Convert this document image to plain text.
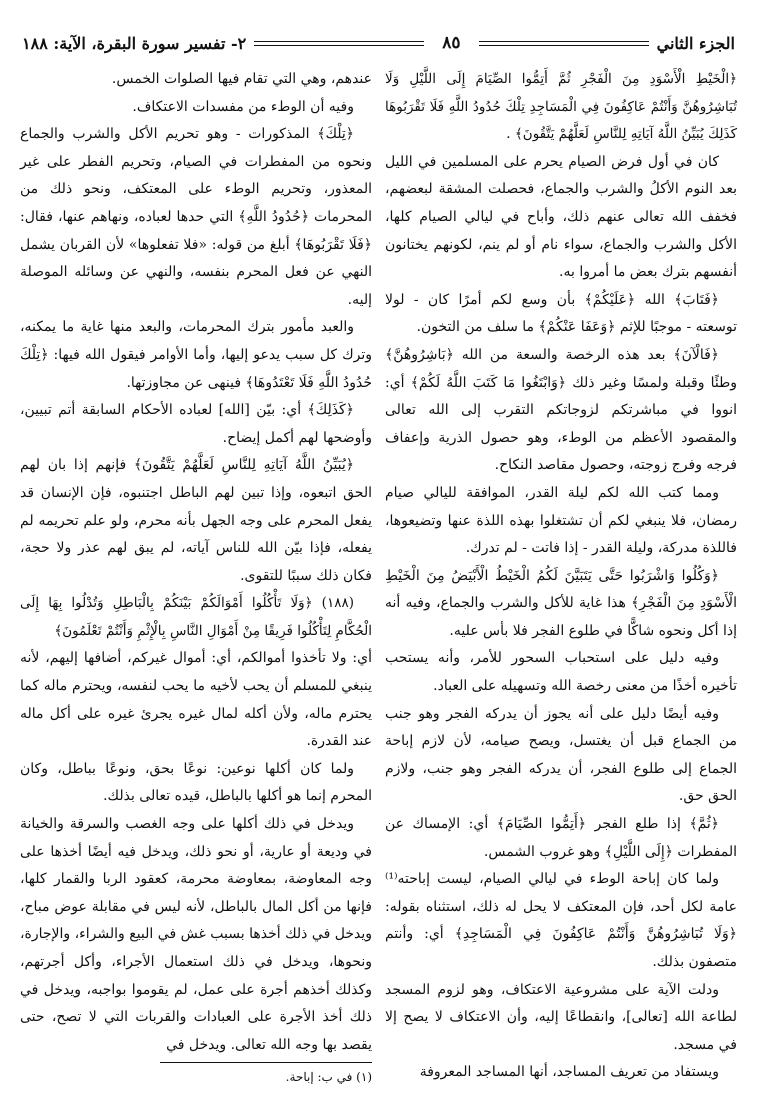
الجزء الثاني
٨٥
٢- تفسير سورة البقرة، الآية: ١٨٨

﴿الْخَيْطِ الْأَسْوَدِ مِنَ الْفَجْرِ ثُمَّ أَتِمُّوا الصِّيَامَ إِلَى اللَّيْلِ وَلَا تُبَاشِرُوهُنَّ وَأَنْتُمْ عَاكِفُونَ فِي الْمَسَاجِدِ تِلْكَ حُدُودُ اللَّهِ فَلَا تَقْرَبُوهَا كَذَلِكَ يُبَيِّنُ اللَّهُ آيَاتِهِ لِلنَّاسِ لَعَلَّهُمْ يَتَّقُونَ﴾ .

كان في أول فرض الصيام يحرم على المسلمين في الليل بعد النوم الأكلُ والشرب والجماع، فحصلت المشقة لبعضهم، فخفف الله تعالى عنهم ذلك، وأباح في ليالي الصيام كلها، الأكل والشرب والجماع، سواء نام أو لم ينم، لكونهم يختانون أنفسهم بترك بعض ما أمروا به.

﴿فَتَابَ﴾ الله ﴿عَلَيْكُمْ﴾ بأن وسع لكم أمرًا كان - لولا توسعته - موجبًا للإثم ﴿وَعَفَا عَنْكُمْ﴾ ما سلف من التخون.

﴿فَالْآنَ﴾ بعد هذه الرخصة والسعة من الله ﴿بَاشِرُوهُنَّ﴾ وطئًا وقبلة ولمسًا وغير ذلك ﴿وَابْتَغُوا مَا كَتَبَ اللَّهُ لَكُمْ﴾ أي: انووا في مباشرتكم لزوجاتكم التقرب إلى الله تعالى والمقصود الأعظم من الوطء، وهو حصول الذرية وإعفاف فرجه وفرج زوجته، وحصول مقاصد النكاح.

ومما كتب الله لكم ليلة القدر، الموافقة لليالي صيام رمضان، فلا ينبغي لكم أن تشتغلوا بهذه اللذة عنها وتضيعوها، فاللذة مدركة، وليلة القدر - إذا فاتت - لم تدرك.

﴿وَكُلُوا وَاشْرَبُوا حَتَّى يَتَبَيَّنَ لَكُمُ الْخَيْطُ الْأَبْيَضُ مِنَ الْخَيْطِ الْأَسْوَدِ مِنَ الْفَجْرِ﴾ هذا غاية للأكل والشرب والجماع، وفيه أنه إذا أكل ونحوه شاكًّا في طلوع الفجر فلا بأس عليه.

وفيه دليل على استحباب السحور للأمر، وأنه يستحب تأخيره أخذًا من معنى رخصة الله وتسهيله على العباد.

وفيه أيضًا دليل على أنه يجوز أن يدركه الفجر وهو جنب من الجماع قبل أن يغتسل، ويصح صيامه، لأن لازم إباحة الجماع إلى طلوع الفجر، أن يدركه الفجر وهو جنب، ولازم الحق حق.

﴿ثُمَّ﴾ إذا طلع الفجر ﴿أَتِمُّوا الصِّيَامَ﴾ أي: الإمساك عن المفطرات ﴿إِلَى اللَّيْلِ﴾ وهو غروب الشمس.

ولما كان إباحة الوطء في ليالي الصيام، ليست إباحته⁽¹⁾ عامة لكل أحد، فإن المعتكف لا يحل له ذلك، استثناه بقوله: ﴿وَلَا تُبَاشِرُوهُنَّ وَأَنْتُمْ عَاكِفُونَ فِي الْمَسَاجِدِ﴾ أي: وأنتم متصفون بذلك.

ودلت الآية على مشروعية الاعتكاف، وهو لزوم المسجد لطاعة الله [تعالى]، وانقطاعًا إليه، وأن الاعتكاف لا يصح إلا في مسجد.

ويستفاد من تعريف المساجد، أنها المساجد المعروفة

عندهم، وهي التي تقام فيها الصلوات الخمس.

وفيه أن الوطء من مفسدات الاعتكاف.

﴿تِلْكَ﴾ المذكورات - وهو تحريم الأكل والشرب والجماع ونحوه من المفطرات في الصيام، وتحريم الفطر على غير المعذور، وتحريم الوطء على المعتكف، ونحو ذلك من المحرمات ﴿حُدُودُ اللَّهِ﴾ التي حدها لعباده، ونهاهم عنها، فقال: ﴿فَلَا تَقْرَبُوهَا﴾ أبلغ من قوله: «فلا تفعلوها» لأن القربان يشمل النهي عن فعل المحرم بنفسه، والنهي عن وسائله الموصلة إليه.

والعبد مأمور بترك المحرمات، والبعد منها غاية ما يمكنه، وترك كل سبب يدعو إليها، وأما الأوامر فيقول الله فيها: ﴿تِلْكَ حُدُودُ اللَّهِ فَلَا تَعْتَدُوهَا﴾ فينهى عن مجاوزتها.

﴿كَذَلِكَ﴾ أي: بيّن [الله] لعباده الأحكام السابقة أتم تبيين، وأوضحها لهم أكمل إيضاح.

﴿يُبَيِّنُ اللَّهُ آيَاتِهِ لِلنَّاسِ لَعَلَّهُمْ يَتَّقُونَ﴾ فإنهم إذا بان لهم الحق اتبعوه، وإذا تبين لهم الباطل اجتنبوه، فإن الإنسان قد يفعل المحرم على وجه الجهل بأنه محرم، ولو علم تحريمه لم يفعله، فإذا بيّن الله للناس آياته، لم يبق لهم عذر ولا حجة، فكان ذلك سببًا للتقوى.

(١٨٨) ﴿وَلَا تَأْكُلُوا أَمْوَالَكُمْ بَيْنَكُمْ بِالْبَاطِلِ وَتُدْلُوا بِهَا إِلَى الْحُكَّامِ لِتَأْكُلُوا فَرِيقًا مِنْ أَمْوَالِ النَّاسِ بِالْإِثْمِ وَأَنْتُمْ تَعْلَمُونَ﴾

أي: ولا تأخذوا أموالكم، أي: أموال غيركم، أضافها إليهم، لأنه ينبغي للمسلم أن يحب لأخيه ما يحب لنفسه، ويحترم ماله كما يحترم ماله، ولأن أكله لمال غيره يجرئ غيره على أكل ماله عند القدرة.

ولما كان أكلها نوعين: نوعًا بحق، ونوعًا بباطل، وكان المحرم إنما هو أكلها بالباطل، قيده تعالى بذلك.

ويدخل في ذلك أكلها على وجه الغصب والسرقة والخيانة في وديعة أو عارية، أو نحو ذلك، ويدخل فيه أيضًا أخذها على وجه المعاوضة، بمعاوضة محرمة، كعقود الربا والقمار كلها، فإنها من أكل المال بالباطل، لأنه ليس في مقابلة عوض مباح، ويدخل في ذلك أخذها بسبب غش في البيع والشراء، والإجارة، ونحوها، ويدخل في ذلك استعمال الأجراء، وأكل أجرتهم، وكذلك أخذهم أجرة على عمل، لم يقوموا بواجبه، ويدخل في ذلك أخذ الأجرة على العبادات والقربات التي لا تصح، حتى يقصد بها وجه الله تعالى. ويدخل في

(١) في ب: إباحة.
